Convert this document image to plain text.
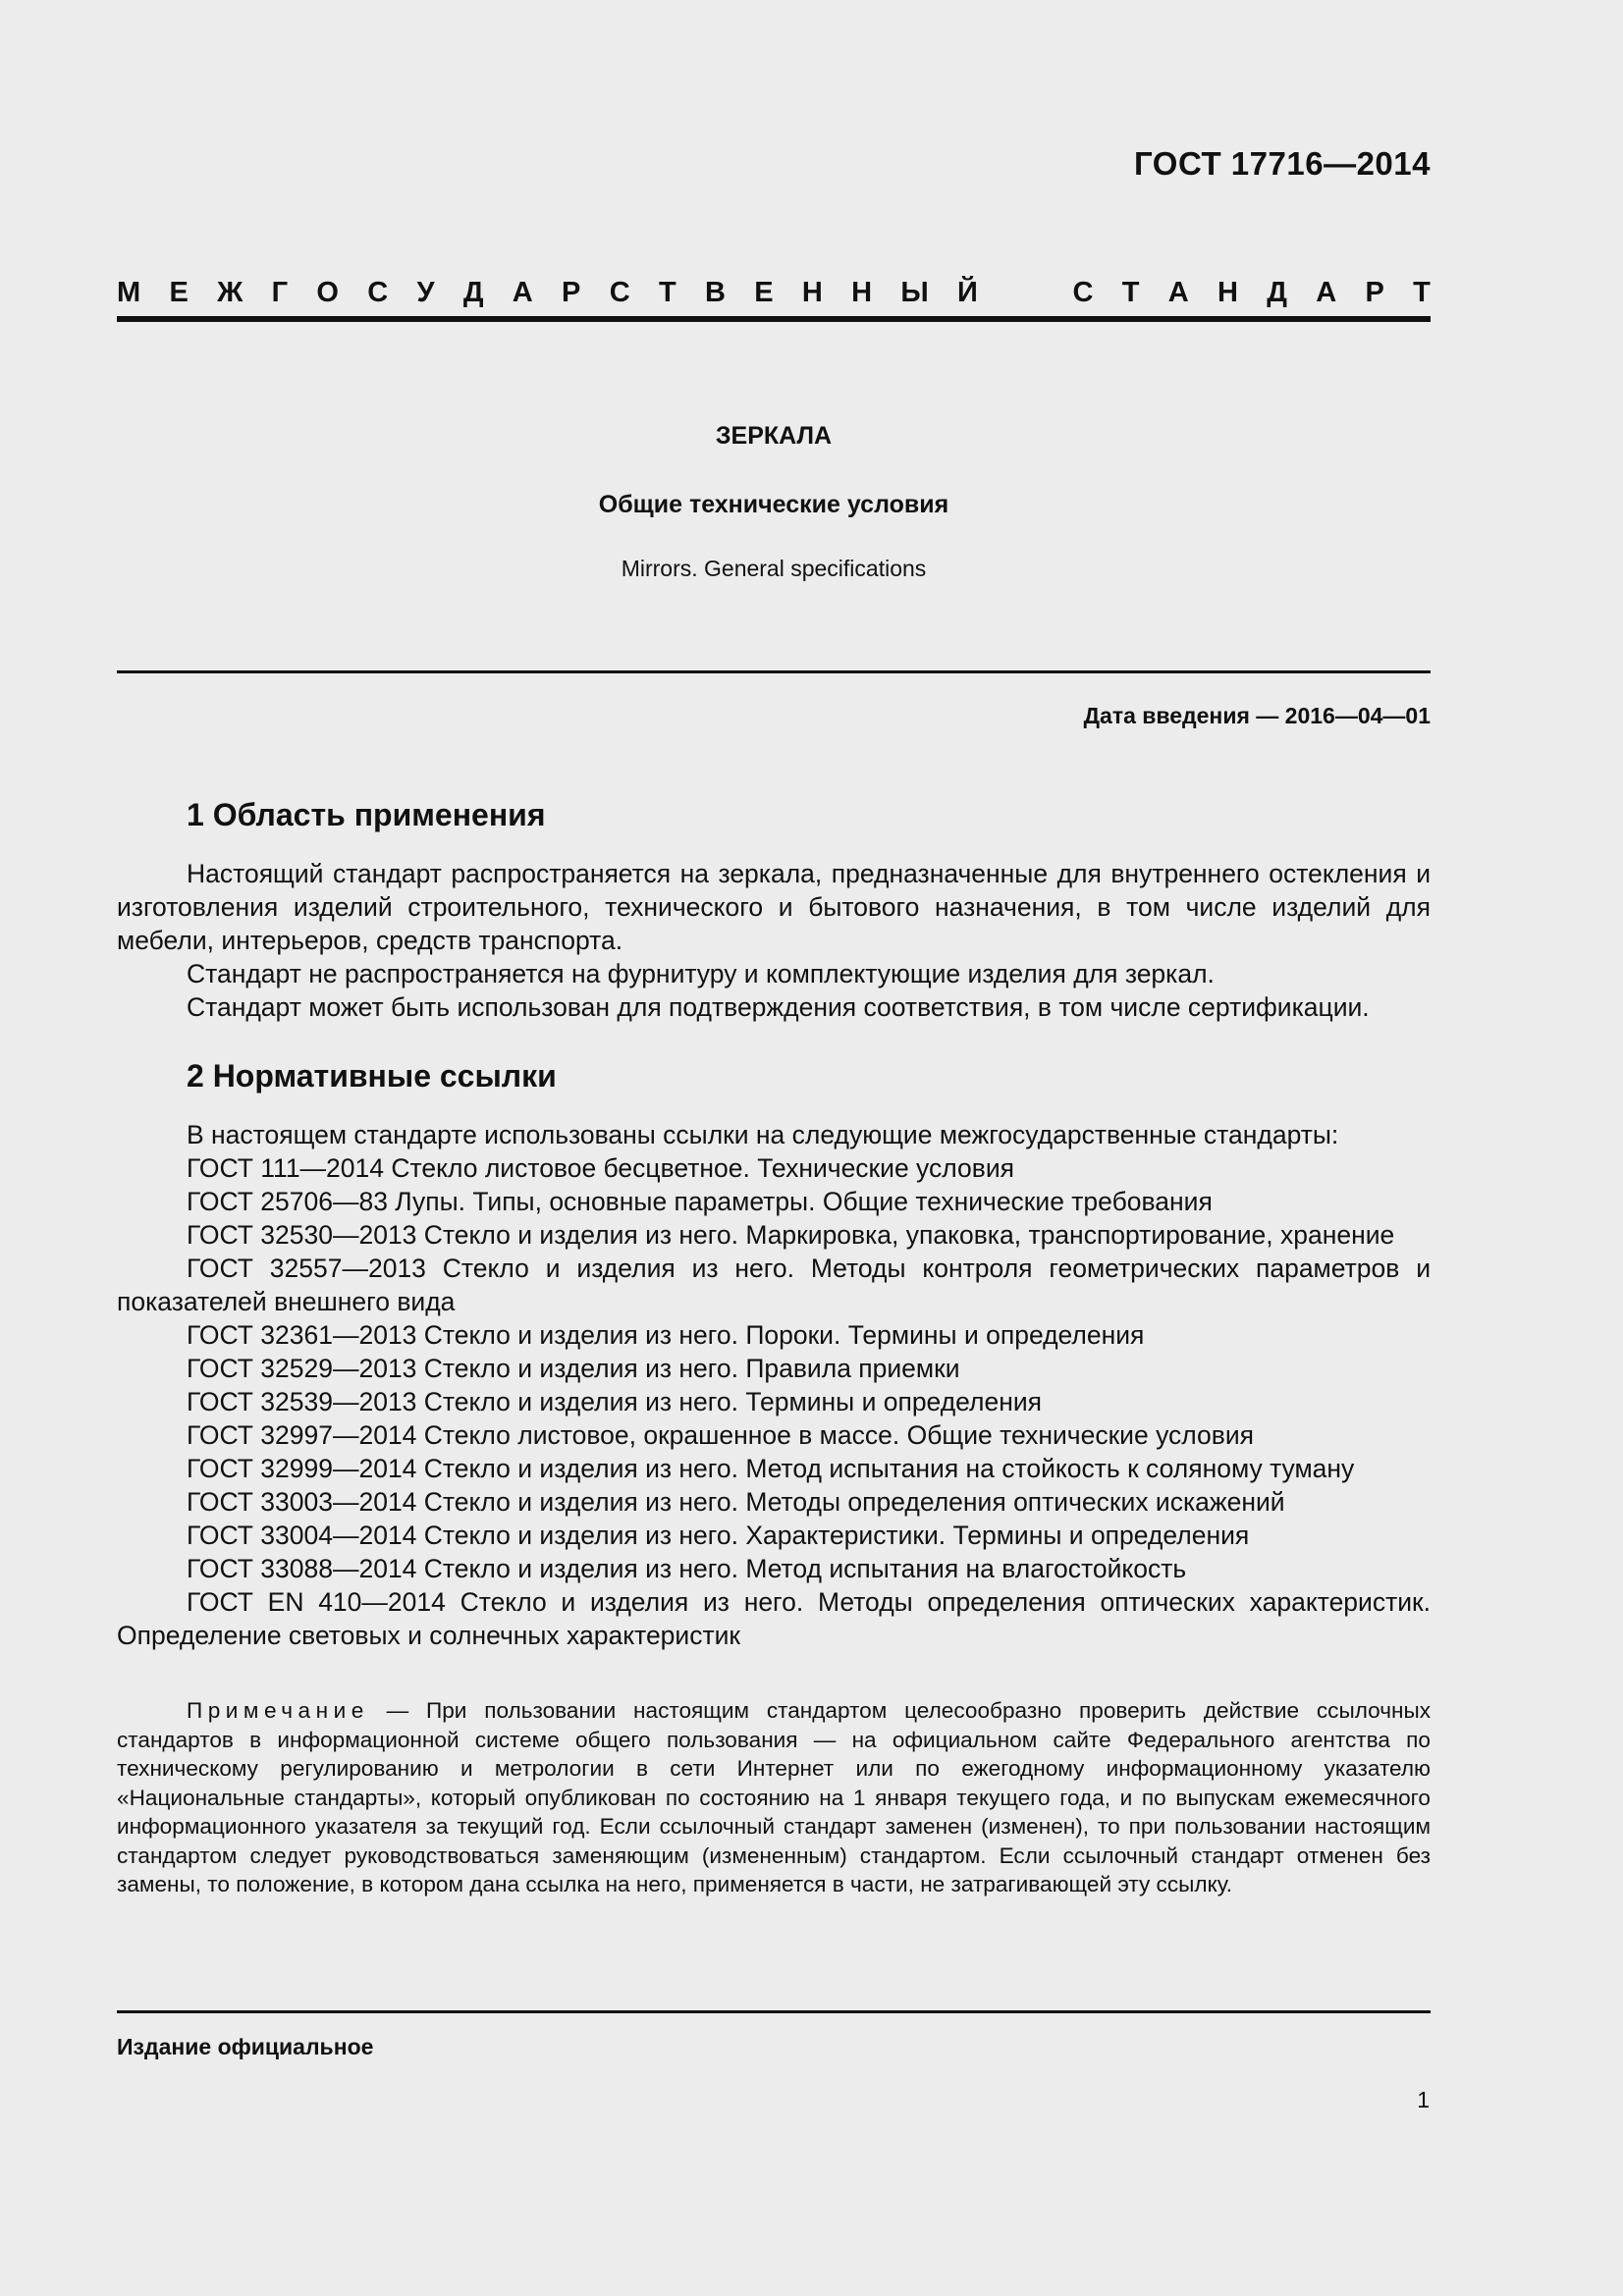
ГОСТ 17716—2014
М Е Ж Г О С У Д А Р С Т В Е Н Н Ы Й	С Т А Н Д А Р Т
ЗЕРКАЛА
Общие технические условия
Mirrors. General specifications
Дата введения — 2016—04—01
1 Область применения

Настоящий стандарт распространяется на зеркала, предназначенные для внутреннего остекления и изготовления изделий строительного, технического и бытового назначения, в том числе изделий для мебели, интерьеров, средств транспорта.

Стандарт не распространяется на фурнитуру и комплектующие изделия для зеркал.

Стандарт может быть использован для подтверждения соответствия, в том числе сертификации.

2 Нормативные ссылки

В настоящем стандарте использованы ссылки на следующие межгосударственные стандарты:

ГОСТ 111—2014 Стекло листовое бесцветное. Технические условия

ГОСТ 25706—83 Лупы. Типы, основные параметры. Общие технические требования

ГОСТ 32530—2013 Стекло и изделия из него. Маркировка, упаковка, транспортирование, хранение

ГОСТ 32557—2013 Стекло и изделия из него. Методы контроля геометрических параметров и показателей внешнего вида

ГОСТ 32361—2013 Стекло и изделия из него. Пороки. Термины и определения

ГОСТ 32529—2013 Стекло и изделия из него. Правила приемки

ГОСТ 32539—2013 Стекло и изделия из него. Термины и определения

ГОСТ 32997—2014 Стекло листовое, окрашенное в массе. Общие технические условия

ГОСТ 32999—2014 Стекло и изделия из него. Метод испытания на стойкость к соляному туману

ГОСТ 33003—2014 Стекло и изделия из него. Методы определения оптических искажений

ГОСТ 33004—2014 Стекло и изделия из него. Характеристики. Термины и определения

ГОСТ 33088—2014 Стекло и изделия из него. Метод испытания на влагостойкость

ГОСТ EN 410—2014 Стекло и изделия из него. Методы определения оптических характеристик. Определение световых и солнечных характеристик

Примечание — При пользовании настоящим стандартом целесообразно проверить действие ссылочных стандартов в информационной системе общего пользования — на официальном сайте Федерального агентства по техническому регулированию и метрологии в сети Интернет или по ежегодному информационному указателю «Национальные стандарты», который опубликован по состоянию на 1 января текущего года, и по выпускам ежемесячного информационного указателя за текущий год. Если ссылочный стандарт заменен (изменен), то при пользовании настоящим стандартом следует руководствоваться заменяющим (измененным) стандартом. Если ссылочный стандарт отменен без замены, то положение, в котором дана ссылка на него, применяется в части, не затрагивающей эту ссылку.

Издание официальное
1
